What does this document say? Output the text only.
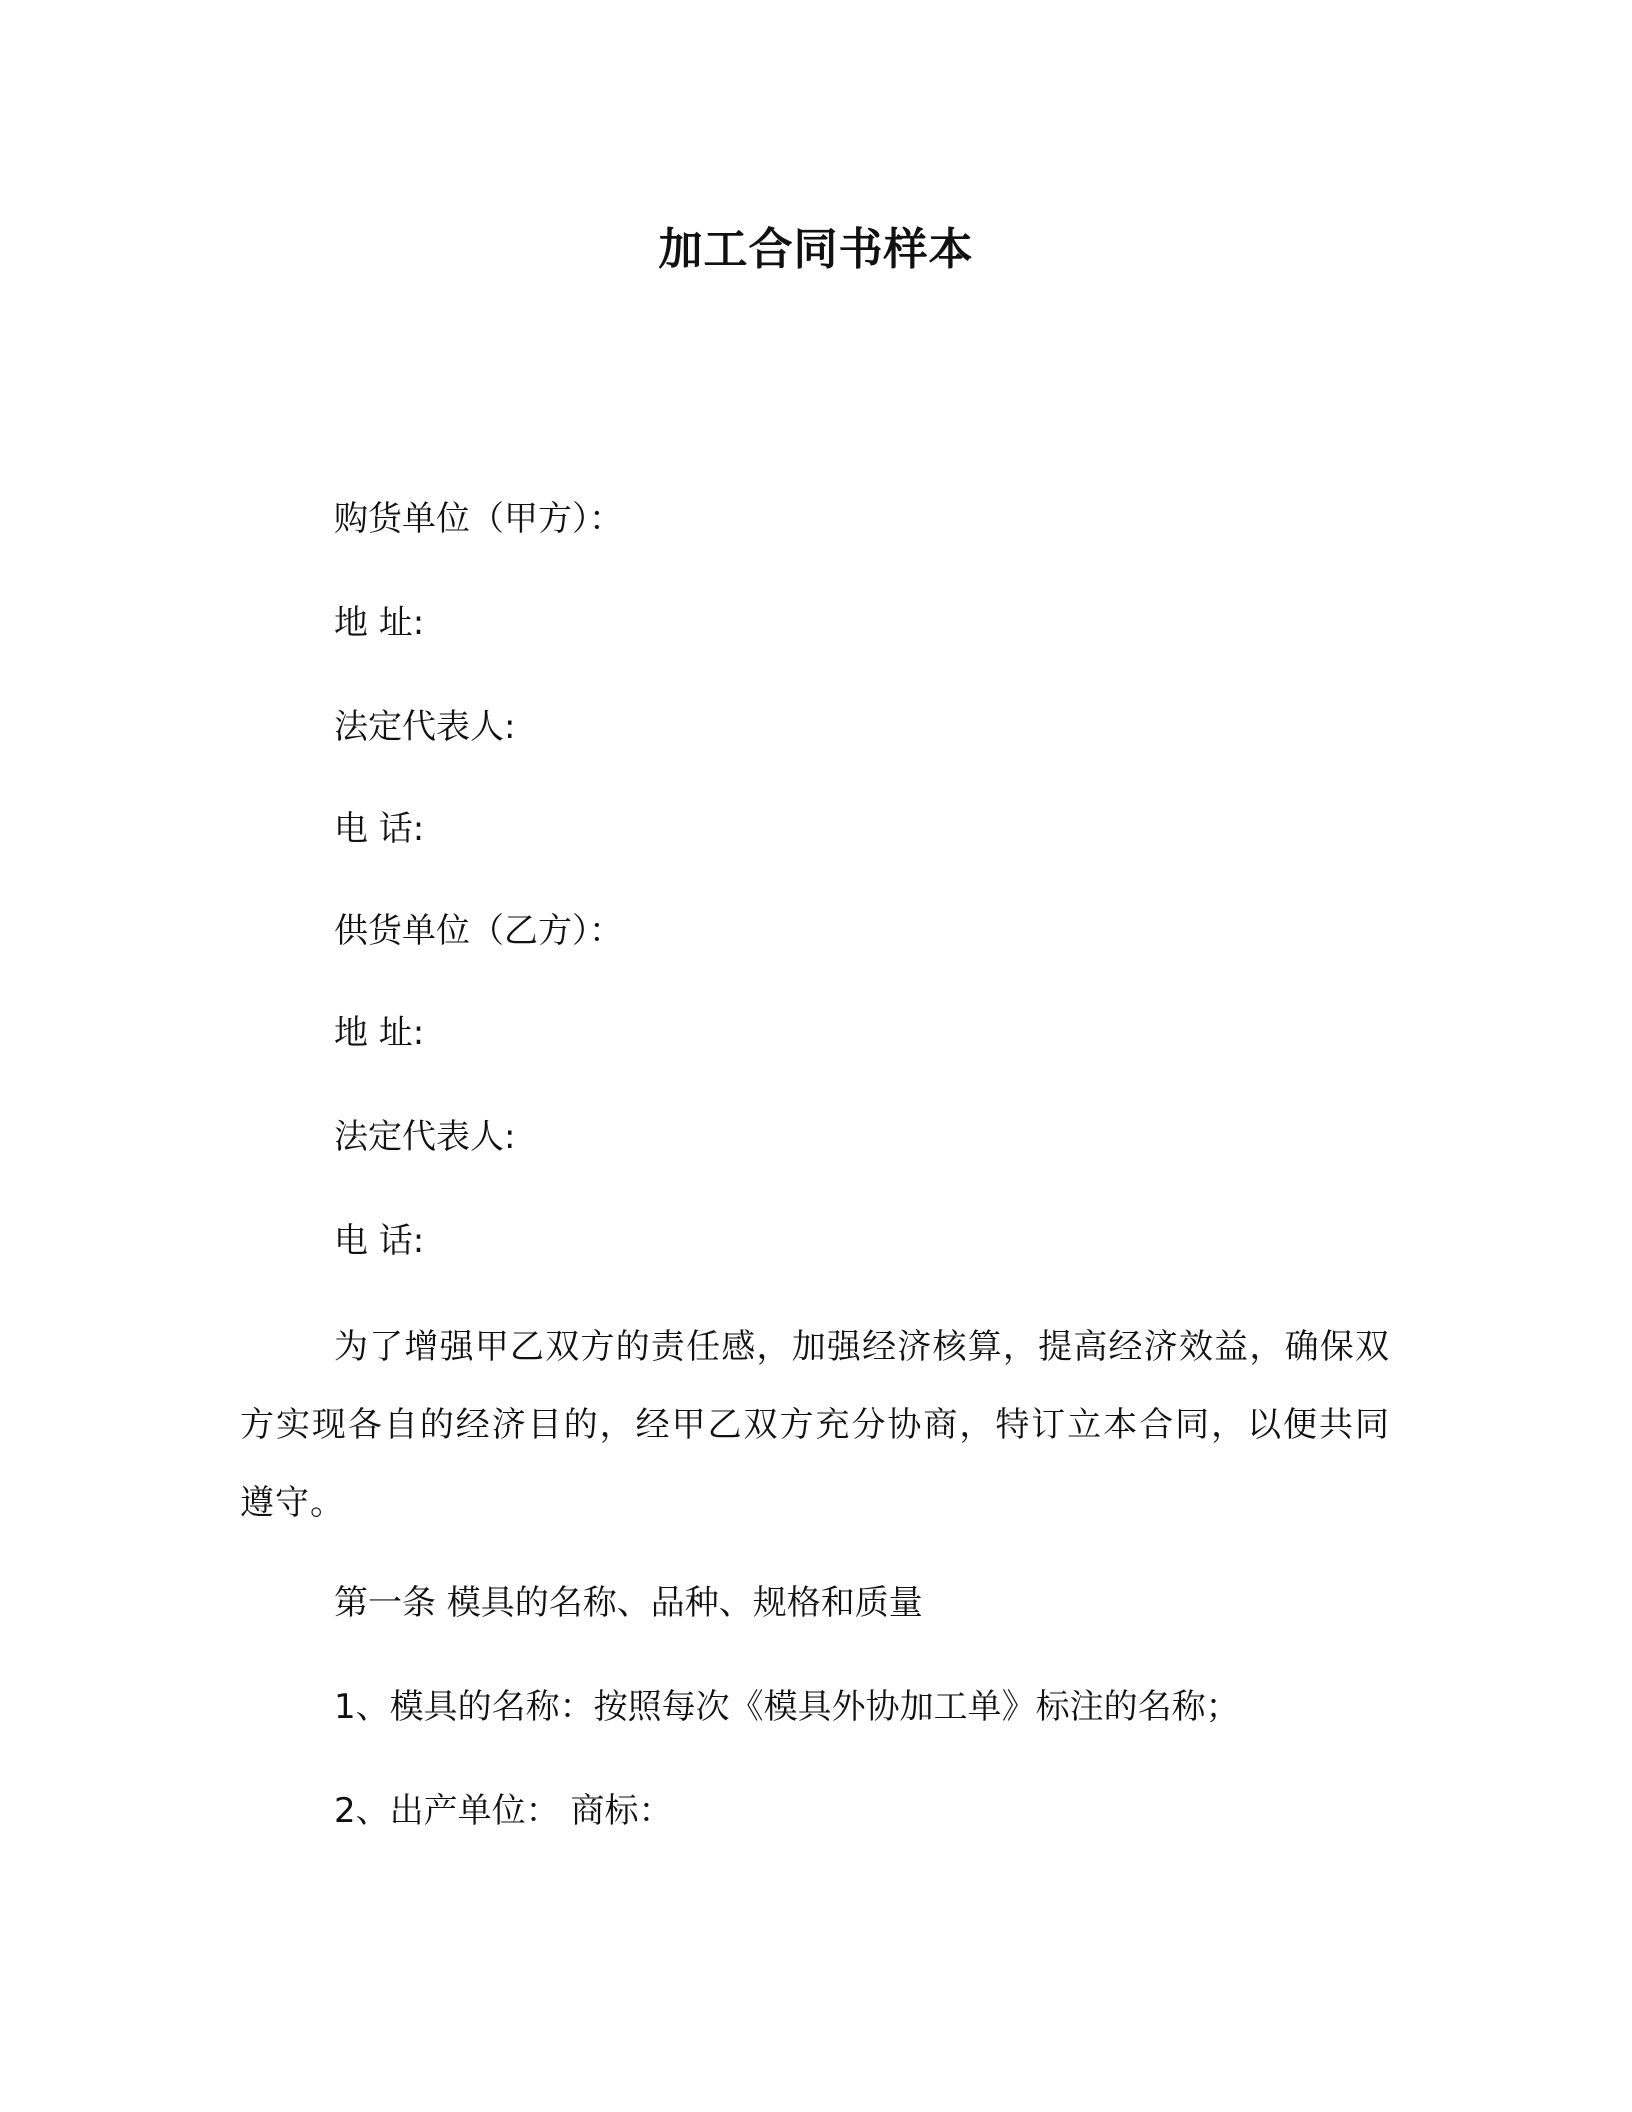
加工合同书样本
购货单位（甲方）：
地 址:
法定代表人:
电 话:
供货单位（乙方）：
地 址:
法定代表人:
电 话:
为了增强甲乙双方的责任感，加强经济核算，提高经济效益，确保双方实现各自的经济目的，经甲乙双方充分协商，特订立本合同，以便共同遵守。
第一条 模具的名称、品种、规格和质量
1、模具的名称：按照每次《模具外协加工单》标注的名称；
2、出产单位： 商标：
